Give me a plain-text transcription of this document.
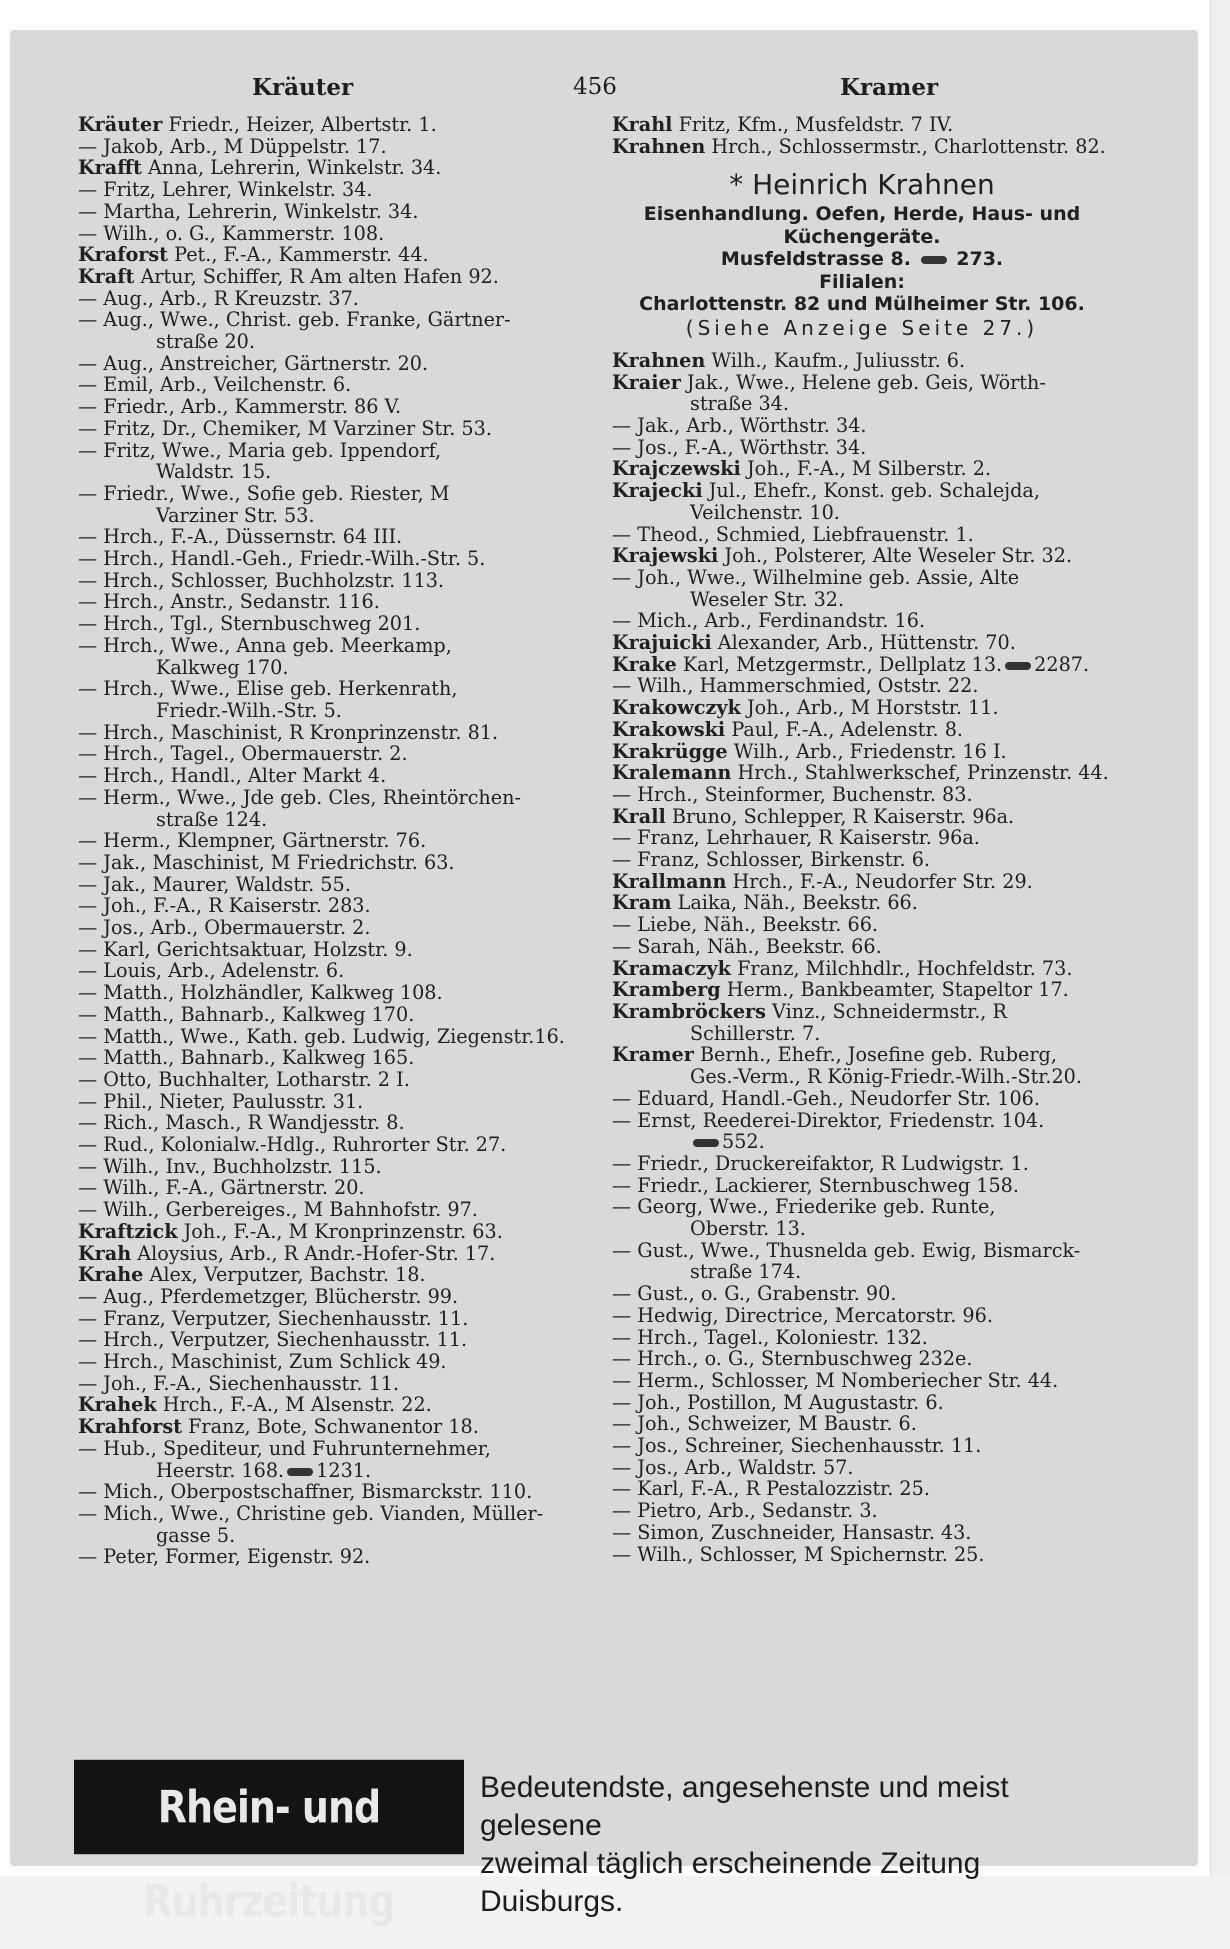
Kräuter	456	Kramer
Kräuter Friedr., Heizer, Albertstr. 1.
— Jakob, Arb., M Düppelstr. 17.
Krafft Anna, Lehrerin, Winkelstr. 34.
— Fritz, Lehrer, Winkelstr. 34.
— Martha, Lehrerin, Winkelstr. 34.
— Wilh., o. G., Kammerstr. 108.
Kraforst Pet., F.-A., Kammerstr. 44.
Kraft Artur, Schiffer, R Am alten Hafen 92.
— Aug., Arb., R Kreuzstr. 37.
— Aug., Wwe., Christ. geb. Franke, Gärtner-
straße 20.
— Aug., Anstreicher, Gärtnerstr. 20.
— Emil, Arb., Veilchenstr. 6.
— Friedr., Arb., Kammerstr. 86 V.
— Fritz, Dr., Chemiker, M Varziner Str. 53.
— Fritz, Wwe., Maria geb. Ippendorf,
Waldstr. 15.
— Friedr., Wwe., Sofie geb. Riester, M
Varziner Str. 53.
— Hrch., F.-A., Düssernstr. 64 III.
— Hrch., Handl.-Geh., Friedr.-Wilh.-Str. 5.
— Hrch., Schlosser, Buchholzstr. 113.
— Hrch., Anstr., Sedanstr. 116.
— Hrch., Tgl., Sternbuschweg 201.
— Hrch., Wwe., Anna geb. Meerkamp,
Kalkweg 170.
— Hrch., Wwe., Elise geb. Herkenrath,
Friedr.-Wilh.-Str. 5.
— Hrch., Maschinist, R Kronprinzenstr. 81.
— Hrch., Tagel., Obermauerstr. 2.
— Hrch., Handl., Alter Markt 4.
— Herm., Wwe., Jde geb. Cles, Rheintörchen-
straße 124.
— Herm., Klempner, Gärtnerstr. 76.
— Jak., Maschinist, M Friedrichstr. 63.
— Jak., Maurer, Waldstr. 55.
— Joh., F.-A., R Kaiserstr. 283.
— Jos., Arb., Obermauerstr. 2.
— Karl, Gerichtsaktuar, Holzstr. 9.
— Louis, Arb., Adelenstr. 6.
— Matth., Holzhändler, Kalkweg 108.
— Matth., Bahnarb., Kalkweg 170.
— Matth., Wwe., Kath. geb. Ludwig, Ziegenstr.16.
— Matth., Bahnarb., Kalkweg 165.
— Otto, Buchhalter, Lotharstr. 2 I.
— Phil., Nieter, Paulusstr. 31.
— Rich., Masch., R Wandjesstr. 8.
— Rud., Kolonialw.-Hdlg., Ruhrorter Str. 27.
— Wilh., Inv., Buchholzstr. 115.
— Wilh., F.-A., Gärtnerstr. 20.
— Wilh., Gerbereiges., M Bahnhofstr. 97.
Kraftzick Joh., F.-A., M Kronprinzenstr. 63.
Krah Aloysius, Arb., R Andr.-Hofer-Str. 17.
Krahe Alex, Verputzer, Bachstr. 18.
— Aug., Pferdemetzger, Blücherstr. 99.
— Franz, Verputzer, Siechenhausstr. 11.
— Hrch., Verputzer, Siechenhausstr. 11.
— Hrch., Maschinist, Zum Schlick 49.
— Joh., F.-A., Siechenhausstr. 11.
Krahek Hrch., F.-A., M Alsenstr. 22.
Krahforst Franz, Bote, Schwanentor 18.
— Hub., Spediteur, und Fuhrunternehmer,
Heerstr. 168. 1231.
— Mich., Oberpostschaffner, Bismarckstr. 110.
— Mich., Wwe., Christine geb. Vianden, Müller-
gasse 5.
— Peter, Former, Eigenstr. 92.
Krahl Fritz, Kfm., Musfeldstr. 7 IV.
Krahnen Hrch., Schlossermstr., Charlottenstr. 82.
* Heinrich Krahnen
Eisenhandlung. Oefen, Herde, Haus- und
Küchengeräte.
Musfeldstrasse 8. 273.
Filialen:
Charlottenstr. 82 und Mülheimer Str. 106.
(Siehe Anzeige Seite 27.)
Krahnen Wilh., Kaufm., Juliusstr. 6.
Kraier Jak., Wwe., Helene geb. Geis, Wörth-
straße 34.
— Jak., Arb., Wörthstr. 34.
— Jos., F.-A., Wörthstr. 34.
Krajczewski Joh., F.-A., M Silberstr. 2.
Krajecki Jul., Ehefr., Konst. geb. Schalejda,
Veilchenstr. 10.
— Theod., Schmied, Liebfrauenstr. 1.
Krajewski Joh., Polsterer, Alte Weseler Str. 32.
— Joh., Wwe., Wilhelmine geb. Assie, Alte
Weseler Str. 32.
— Mich., Arb., Ferdinandstr. 16.
Krajuicki Alexander, Arb., Hüttenstr. 70.
Krake Karl, Metzgermstr., Dellplatz 13. 2287.
— Wilh., Hammerschmied, Oststr. 22.
Krakowczyk Joh., Arb., M Horststr. 11.
Krakowski Paul, F.-A., Adelenstr. 8.
Krakrügge Wilh., Arb., Friedenstr. 16 I.
Kralemann Hrch., Stahlwerkschef, Prinzenstr. 44.
— Hrch., Steinformer, Buchenstr. 83.
Krall Bruno, Schlepper, R Kaiserstr. 96a.
— Franz, Lehrhauer, R Kaiserstr. 96a.
— Franz, Schlosser, Birkenstr. 6.
Krallmann Hrch., F.-A., Neudorfer Str. 29.
Kram Laika, Näh., Beekstr. 66.
— Liebe, Näh., Beekstr. 66.
— Sarah, Näh., Beekstr. 66.
Kramaczyk Franz, Milchhdlr., Hochfeldstr. 73.
Kramberg Herm., Bankbeamter, Stapeltor 17.
Krambröckers Vinz., Schneidermstr., R
Schillerstr. 7.
Kramer Bernh., Ehefr., Josefine geb. Ruberg,
Ges.-Verm., R König-Friedr.-Wilh.-Str.20.
— Eduard, Handl.-Geh., Neudorfer Str. 106.
— Ernst, Reederei-Direktor, Friedenstr. 104.
552.
— Friedr., Druckereifaktor, R Ludwigstr. 1.
— Friedr., Lackierer, Sternbuschweg 158.
— Georg, Wwe., Friederike geb. Runte,
Oberstr. 13.
— Gust., Wwe., Thusnelda geb. Ewig, Bismarck-
straße 174.
— Gust., o. G., Grabenstr. 90.
— Hedwig, Directrice, Mercatorstr. 96.
— Hrch., Tagel., Koloniestr. 132.
— Hrch., o. G., Sternbuschweg 232e.
— Herm., Schlosser, M Nomberiecher Str. 44.
— Joh., Postillon, M Augustastr. 6.
— Joh., Schweizer, M Baustr. 6.
— Jos., Schreiner, Siechenhausstr. 11.
— Jos., Arb., Waldstr. 57.
— Karl, F.-A., R Pestalozzistr. 25.
— Pietro, Arb., Sedanstr. 3.
— Simon, Zuschneider, Hansastr. 43.
— Wilh., Schlosser, M Spichernstr. 25.
Rhein- und Ruhrzeitung
Bedeutendste, angesehenste und meist gelesene
zweimal täglich erscheinende Zeitung Duisburgs.
